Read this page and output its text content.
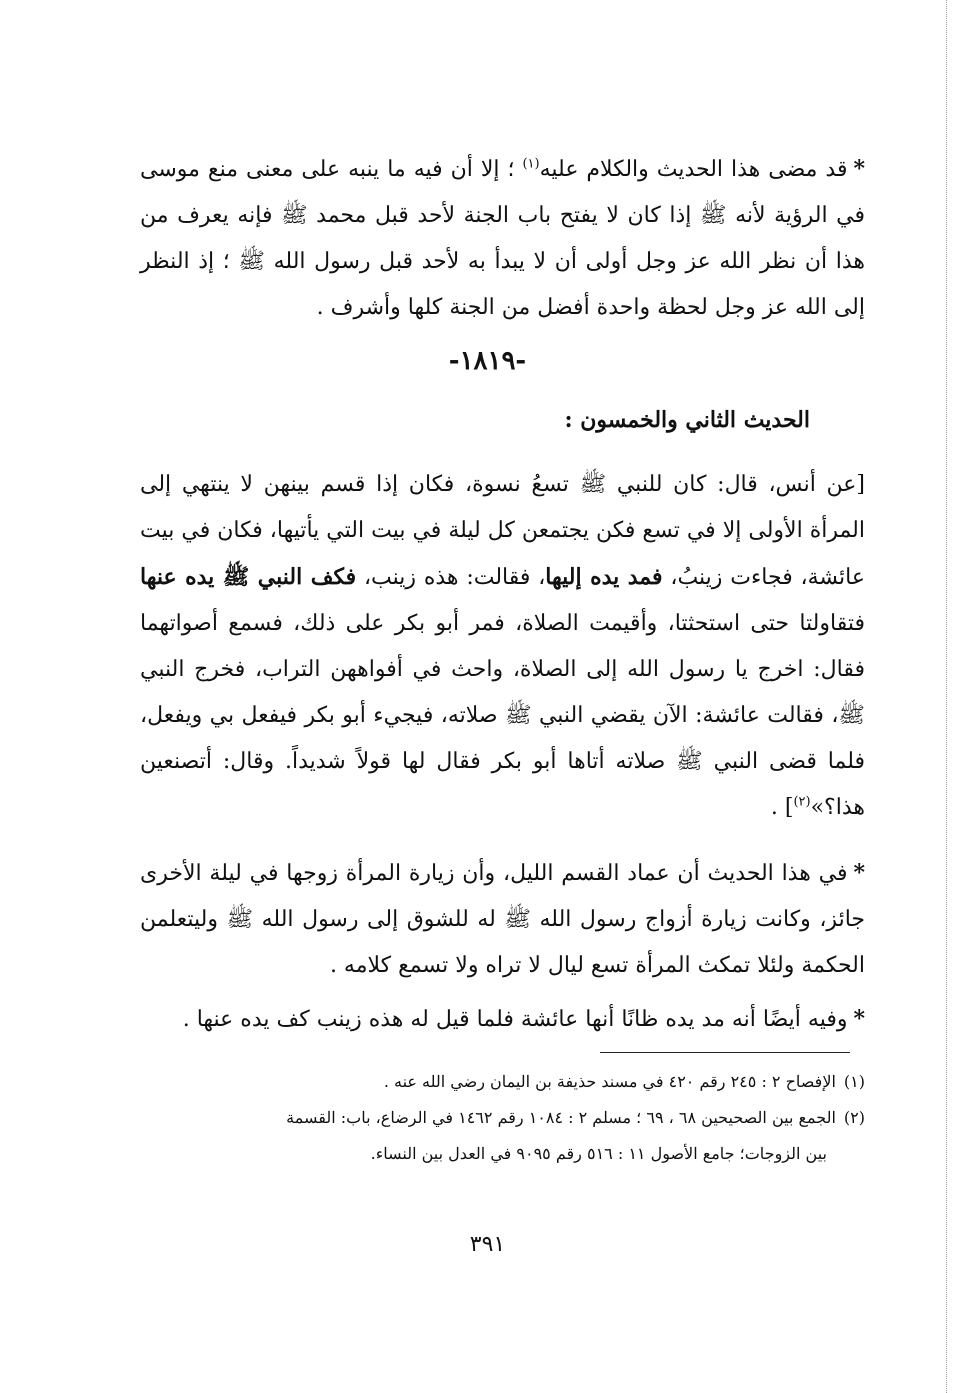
*قد مضى هذا الحديث والكلام عليه$^{(١)}$ ؛ إلا أن فيه ما ينبه على معنى منع موسى في الرؤية لأنه ﷺ إذا كان لا يفتح باب الجنة لأحد قبل محمد ﷺ فإنه يعرف من هذا أن نظر الله عز وجل أولى أن لا يبدأ به لأحد قبل رسول الله ﷺ ؛ إذ النظر إلى الله عز وجل لحظة واحدة أفضل من الجنة كلها وأشرف .

-١٨١٩-
الحديث الثاني والخمسون :

[عن أنس، قال: كان للنبي ﷺ تسعُ نسوة، فكان إذا قسم بينهن لا ينتهي إلى المرأة الأولى إلا في تسع فكن يجتمعن كل ليلة في بيت التي يأتيها، فكان في بيت عائشة، فجاءت زينبُ، فمد يده إليها، فقالت: هذه زينب، فكف النبي ﷺ يده عنها فتقاولتا حتى استحثتا، وأقيمت الصلاة، فمر أبو بكر على ذلك، فسمع أصواتهما فقال: اخرج يا رسول الله إلى الصلاة، واحث في أفواههن التراب، فخرج النبي ﷺ، فقالت عائشة: الآن يقضي النبي ﷺ صلاته، فيجيء أبو بكر فيفعل بي ويفعل، فلما قضى النبي ﷺ صلاته أتاها أبو بكر فقال لها قولاً شديداً. وقال: أتصنعين هذا؟»$^{(٢)}$] .

*في هذا الحديث أن عماد القسم الليل، وأن زيارة المرأة زوجها في ليلة الأخرى جائز، وكانت زيارة أزواج رسول الله ﷺ له للشوق إلى رسول الله ﷺ وليتعلمن الحكمة ولئلا تمكث المرأة تسع ليال لا تراه ولا تسمع كلامه .

*وفيه أيضًا أنه مد يده ظانًا أنها عائشة فلما قيل له هذه زينب كف يده عنها .

(١)الإفصاح ٢ : ٢٤٥ رقم ٤٢٠ في مسند حذيفة بن اليمان رضي الله عنه .

(٢)الجمع بين الصحيحين ٦٨ ، ٦٩ ؛ مسلم ٢ : ١٠٨٤ رقم ١٤٦٢ في الرضاع، باب: القسمة

بين الزوجات؛ جامع الأصول ١١ : ٥١٦ رقم ٩٠٩٥ في العدل بين النساء.

٣٩١
